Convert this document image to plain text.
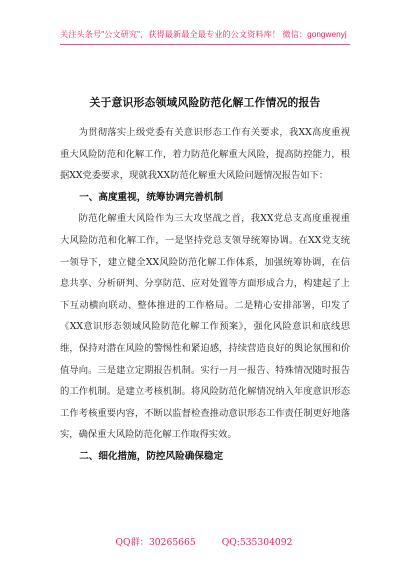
关注头条号"公文研究"，获得最新最全最专业的公文资料库！ 微信：gongwenyj
关于意识形态领域风险防范化解工作情况的报告

为贯彻落实上级党委有关意识形态工作有关要求，我XX高度重视重大风险防范和化解工作，着力防范化解重大风险，提高防控能力，根据XX党委要求，现就我XX防范化解重大风险问题情况报告如下：

一、高度重视，统筹协调完善机制

防范化解重大风险作为三大攻坚战之首，我XX党总支高度重视重大风险防范和化解工作，一是坚持党总支领导统筹协调。在XX党支统一领导下，建立健全XX风险防范化解工作体系，加强统筹协调，在信息共享、分析研判、分享防范、应对处置等方面形成合力，构建起了上下互动横向联动、整体推进的工作格局。二是精心安排部署，印发了《XX意识形态领域风险防范化解工作预案》，强化风险意识和底线思维，保持对潜在风险的警惕性和紧迫感，持续营造良好的舆论氛围和价值导向。三是建立定期报告机制。实行一月一报告、特殊情况随时报告的工作机制。是建立考核机制。将风险防范化解情况纳入年度意识形态工作考核重要内容，不断以监督检查推动意识形态工作责任制更好地落实，确保重大风险防范化解工作取得实效。

二、细化措施，防控风险确保稳定

QQ群：30265665	QQ:535304092
